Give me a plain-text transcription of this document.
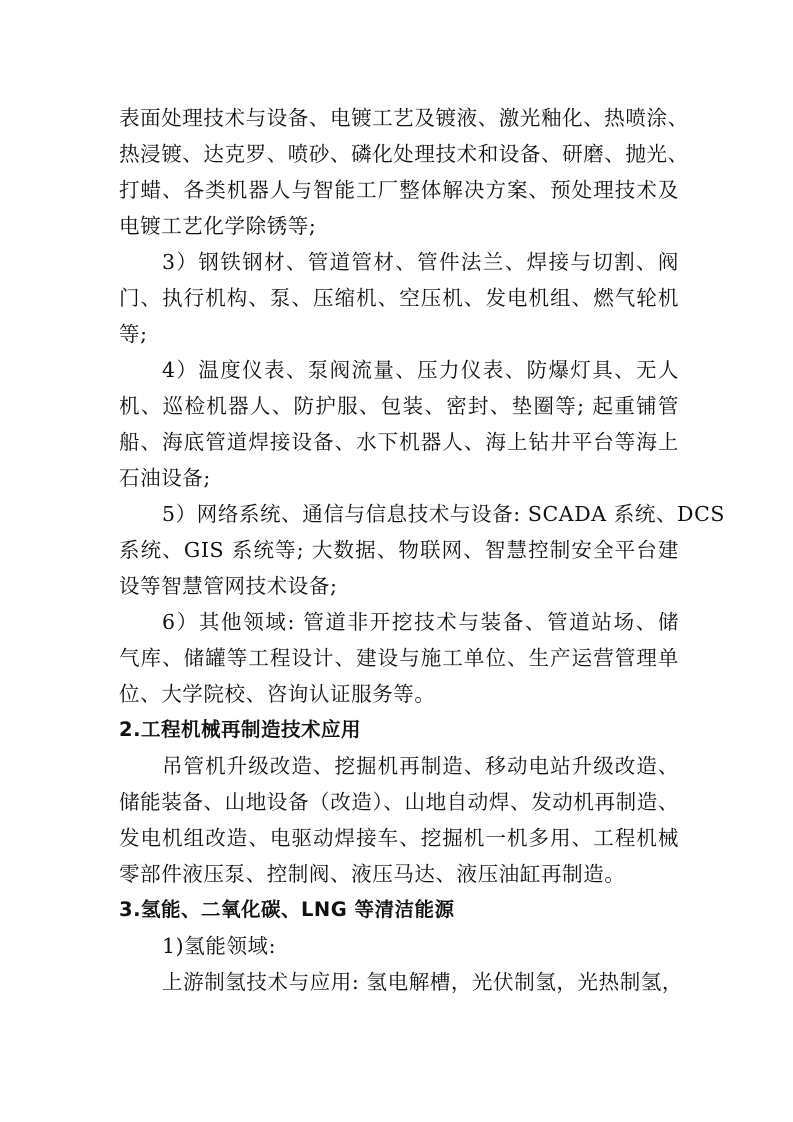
表面处理技术与设备、电镀工艺及镀液、激光釉化、热喷涂、
热浸镀、达克罗、喷砂、磷化处理技术和设备、研磨、抛光、
打蜡、各类机器人与智能工厂整体解决方案、预处理技术及
电镀工艺化学除锈等;
3）钢铁钢材、管道管材、管件法兰、焊接与切割、阀
门、执行机构、泵、压缩机、空压机、发电机组、燃气轮机
等;
4）温度仪表、泵阀流量、压力仪表、防爆灯具、无人
机、巡检机器人、防护服、包装、密封、垫圈等; 起重铺管
船、海底管道焊接设备、水下机器人、海上钻井平台等海上
石油设备;
5）网络系统、通信与信息技术与设备: SCADA 系统、DCS
系统、GIS 系统等; 大数据、物联网、智慧控制安全平台建
设等智慧管网技术设备;
6）其他领域: 管道非开挖技术与装备、管道站场、储
气库、储罐等工程设计、建设与施工单位、生产运营管理单
位、大学院校、咨询认证服务等。
2.工程机械再制造技术应用
吊管机升级改造、挖掘机再制造、移动电站升级改造、
储能装备、山地设备（改造）、山地自动焊、发动机再制造、
发电机组改造、电驱动焊接车、挖掘机一机多用、工程机械
零部件液压泵、控制阀、液压马达、液压油缸再制造。
3.氢能、二氧化碳、LNG 等清洁能源
1)氢能领域:
上游制氢技术与应用: 氢电解槽，光伏制氢，光热制氢，
